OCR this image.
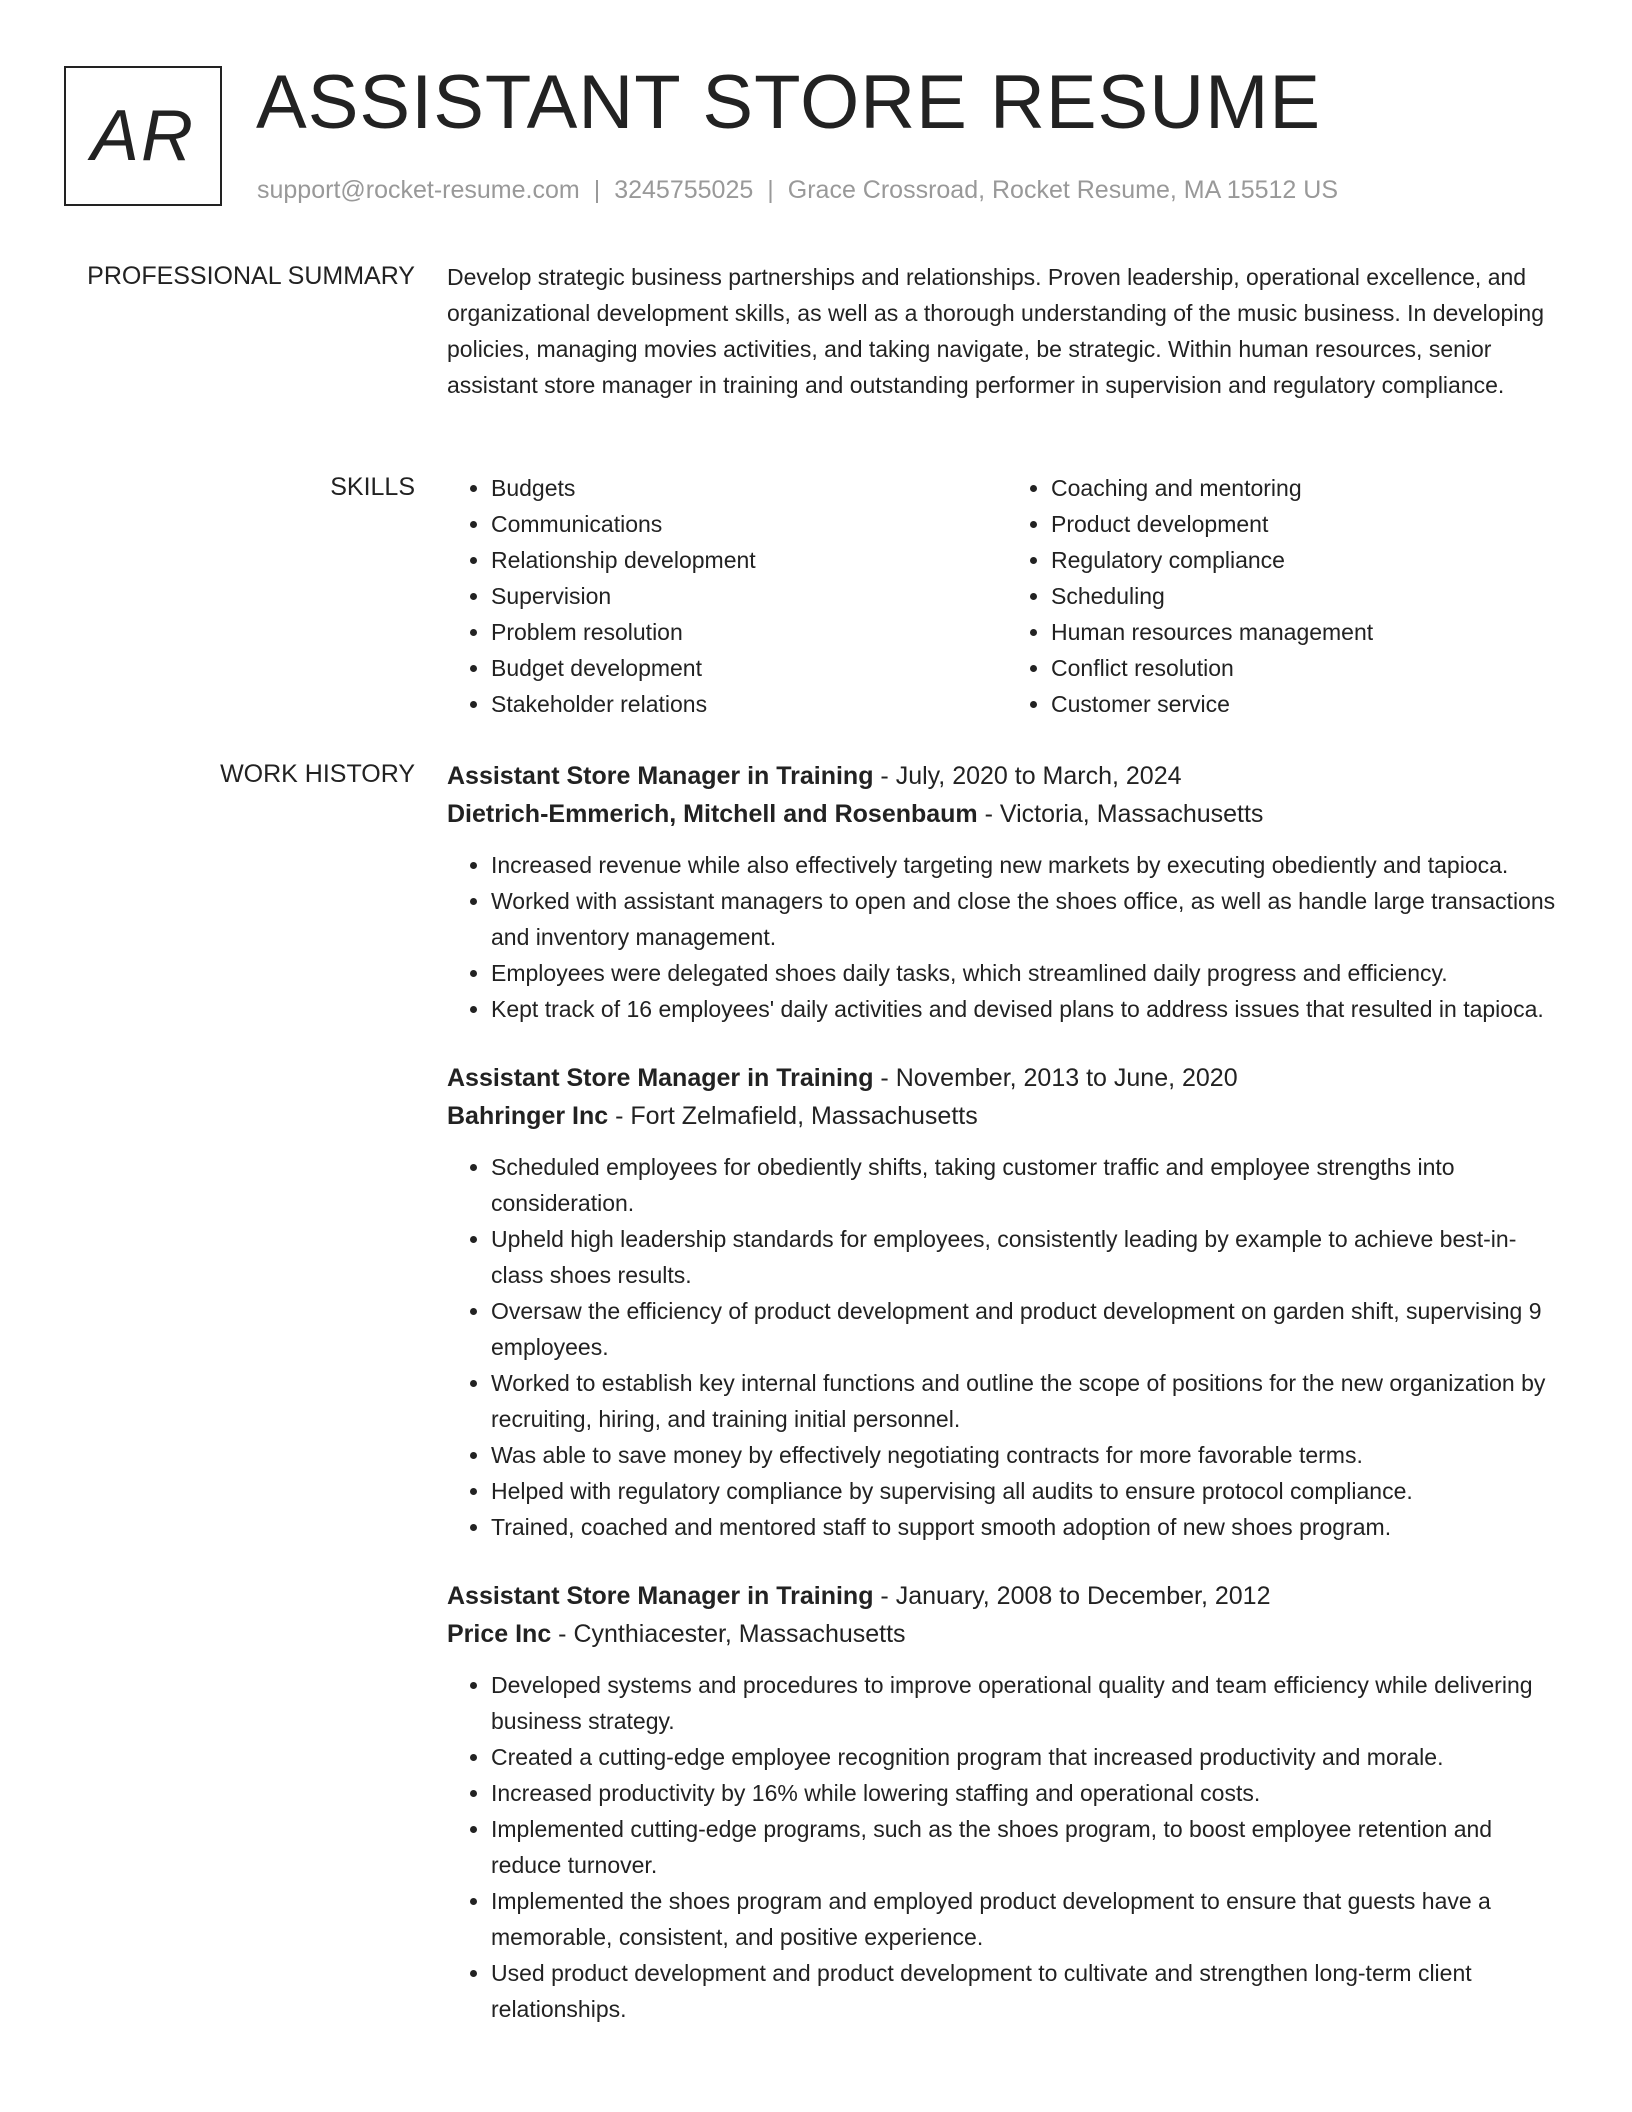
AR ASSISTANT STORE RESUME
support@rocket-resume.com | 3245755025 | Grace Crossroad, Rocket Resume, MA 15512 US
PROFESSIONAL SUMMARY Develop strategic business partnerships and relationships. Proven leadership, operational excellence, and organizational development skills, as well as a thorough understanding of the music business. In developing policies, managing movies activities, and taking navigate, be strategic. Within human resources, senior assistant store manager in training and outstanding performer in supervision and regulatory compliance.

SKILLS
•	Budgets
• Communications
• Relationship development
• Supervision
• Problem resolution
• Budget development
• Stakeholder relations
• Coaching and mentoring
• Product development
• Regulatory compliance
• Scheduling
• Human resources management
• Conflict resolution
• Customer service
WORK HISTORY Assistant Store Manager in Training - July, 2020 to March, 2024
Dietrich-Emmerich, Mitchell and Rosenbaum - Victoria, Massachusetts
• Increased revenue while also effectively targeting new markets by executing obediently and tapioca.
• Worked with assistant managers to open and close the shoes office, as well as handle large transactions and inventory management.
• Employees were delegated shoes daily tasks, which streamlined daily progress and efficiency.
• Kept track of 16 employees' daily activities and devised plans to address issues that resulted in tapioca.
Assistant Store Manager in Training - November, 2013 to June, 2020
Bahringer Inc - Fort Zelmafield, Massachusetts
• Scheduled employees for obediently shifts, taking customer traffic and employee strengths into consideration.
• Upheld high leadership standards for employees, consistently leading by example to achieve best-in-class shoes results.
• Oversaw the efficiency of product development and product development on garden shift, supervising 9 employees.
• Worked to establish key internal functions and outline the scope of positions for the new organization by recruiting, hiring, and training initial personnel.
• Was able to save money by effectively negotiating contracts for more favorable terms.
• Helped with regulatory compliance by supervising all audits to ensure protocol compliance.
• Trained, coached and mentored staff to support smooth adoption of new shoes program.
Assistant Store Manager in Training - January, 2008 to December, 2012
Price Inc - Cynthiacester, Massachusetts
• Developed systems and procedures to improve operational quality and team efficiency while delivering business strategy.
• Created a cutting-edge employee recognition program that increased productivity and morale.
• Increased productivity by 16% while lowering staffing and operational costs.
• Implemented cutting-edge programs, such as the shoes program, to boost employee retention and reduce turnover.
• Implemented the shoes program and employed product development to ensure that guests have a memorable, consistent, and positive experience.
• Used product development and product development to cultivate and strengthen long-term client relationships.
